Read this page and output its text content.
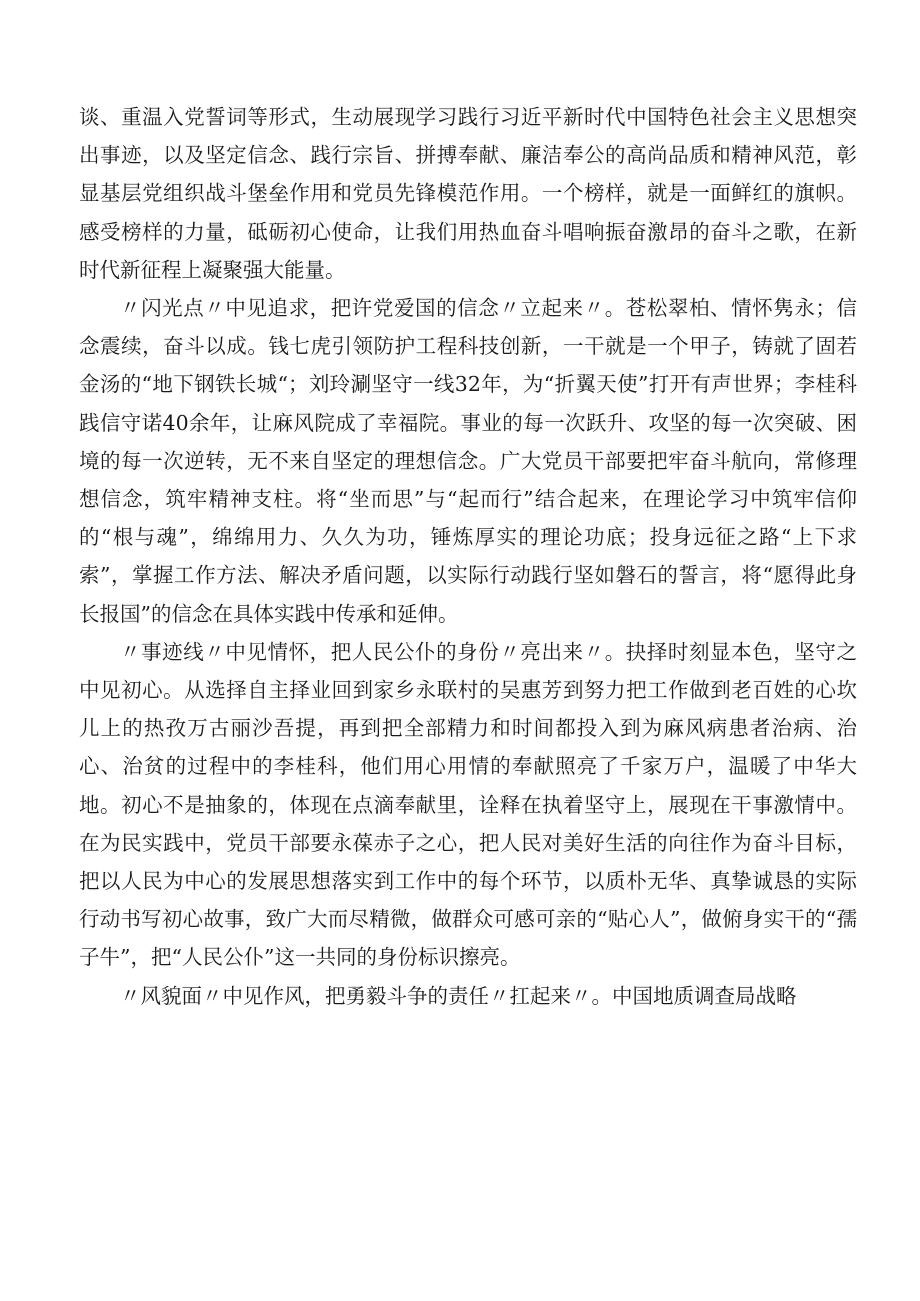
谈、重温入党誓词等形式，生动展现学习践行习近平新时代中国特色社会主义思想突出事迹，以及坚定信念、践行宗旨、拼搏奉献、廉洁奉公的高尚品质和精神风范，彰显基层党组织战斗堡垒作用和党员先锋模范作用。一个榜样，就是一面鲜红的旗帜。感受榜样的力量，砥砺初心使命，让我们用热血奋斗唱响振奋激昂的奋斗之歌，在新时代新征程上凝聚强大能量。

〃闪光点〃中见追求，把许党爱国的信念〃立起来〃。苍松翠柏、情怀隽永；信念震续，奋斗以成。钱七虎引领防护工程科技创新，一干就是一个甲子，铸就了固若金汤的“地下钢铁长城“；刘玲涮坚守一线32年，为“折翼天使”打开有声世界；李桂科践信守诺40余年，让麻风院成了幸福院。事业的每一次跃升、攻坚的每一次突破、困境的每一次逆转，无不来自坚定的理想信念。广大党员干部要把牢奋斗航向，常修理想信念，筑牢精神支柱。将“坐而思”与“起而行”结合起来，在理论学习中筑牢信仰的“根与魂”，绵绵用力、久久为功，锤炼厚实的理论功底；投身远征之路“上下求索”，掌握工作方法、解决矛盾问题，以实际行动践行坚如磐石的誓言，将“愿得此身长报国”的信念在具体实践中传承和延伸。

〃事迹线〃中见情怀，把人民公仆的身份〃亮出来〃。抉择时刻显本色，坚守之中见初心。从选择自主择业回到家乡永联村的吴惠芳到努力把工作做到老百姓的心坎儿上的热孜万古丽沙吾提，再到把全部精力和时间都投入到为麻风病患者治病、治心、治贫的过程中的李桂科，他们用心用情的奉献照亮了千家万户，温暖了中华大地。初心不是抽象的，体现在点滴奉献里，诠释在执着坚守上，展现在干事激情中。在为民实践中，党员干部要永葆赤子之心，把人民对美好生活的向往作为奋斗目标，把以人民为中心的发展思想落实到工作中的每个环节，以质朴无华、真挚诚恳的实际行动书写初心故事，致广大而尽精微，做群众可感可亲的“贴心人”，做俯身实干的“孺子牛”，把“人民公仆”这一共同的身份标识擦亮。

〃风貌面〃中见作风，把勇毅斗争的责任〃扛起来〃。中国地质调查局战略
